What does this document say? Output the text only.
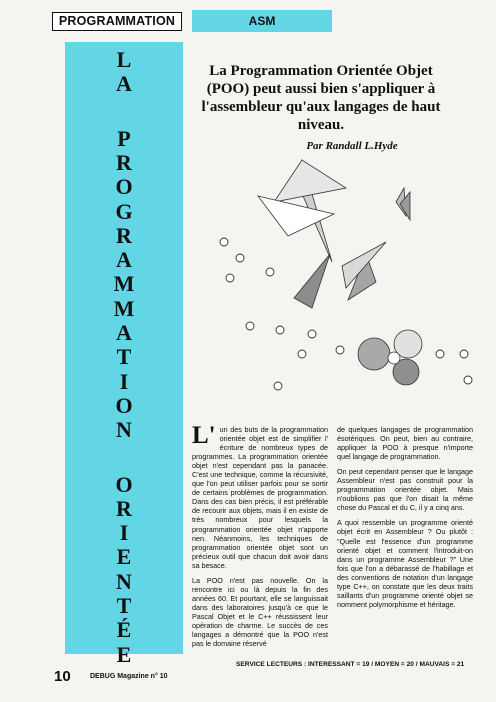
PROGRAMMATION	ASM
L
A
P
R
O
G
R
A
M
M
A
T
I
O
N
O
R
I
E
N
T
É
E
La Programmation Orientée Objet (POO) peut aussi bien s'appliquer à l'assembleur qu'aux langages de haut niveau.

Par Randall L.Hyde

L' un des buts de la programmation orientée objet est de simplifier l' écriture de nombreux types de programmes. La programmation orientée objet n'est cependant pas la panacée. C'est une technique, comme la récursivité, que l'on peut utiliser parfois pour se sortir de certains problèmes de programmation. Dans des cas bien précis, il est préférable de recourir aux objets, mais il en existe de très nombreux pour lesquels la programmation orientée objet n'apporte rien. Néanmoins, les techniques de programmation orientée objet sont un précieux outil que chacun doit avoir dans sa besace.

La POO n'est pas nouvelle. On la rencontre ici ou là depuis la fin des années 60. Et pourtant, elle se languissait dans des laboratoires jusqu'à ce que le Pascal Objet et le C++ réussissent leur opération de charme. Le succès de ces langages a démontré que la POO n'est pas le domaine réservé

de quelques langages de programmation ésotériques. On peut, bien au contraire, appliquer la POO à presque n'importe quel langage de programmation.

On peut cependant penser que le langage Assembleur n'est pas construit pour la programmation orientée objet. Mais n'oublions pas que l'on disait la même chose du Pascal et du C, il y a cinq ans.

A quoi ressemble un programme orienté objet écrit en Assembleur ? Ou plutôt : "Quelle est l'essence d'un programme orienté objet et comment l'introduit-on dans un programme Assembleur ?" Une fois que l'on a débarassé de l'habillage et des conventions de notation d'un langage type C++, on constate que les deux traits saillants d'un programme orienté objet se nomment polymorphisme et héritage.

10	DEBUG Magazine n° 10
SERVICE LECTEURS : INTERESSANT = 19 / MOYEN = 20 / MAUVAIS = 21
